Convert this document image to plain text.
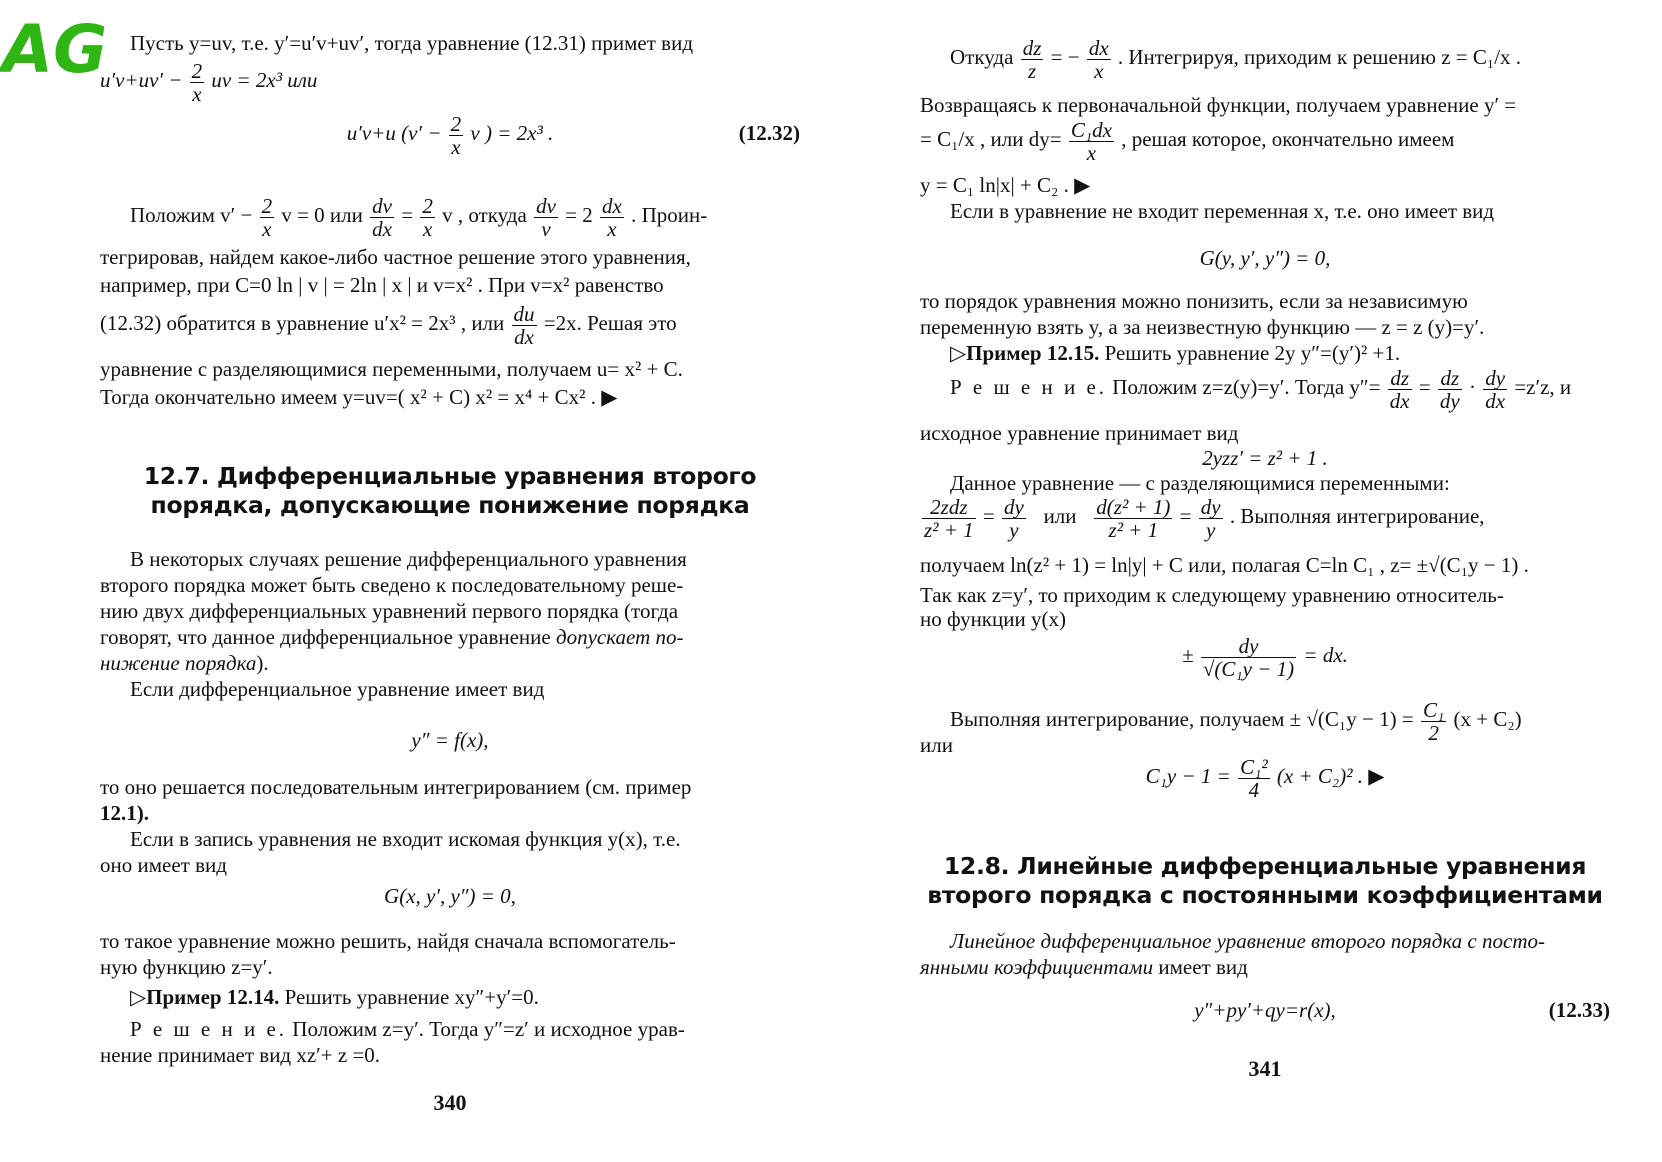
AG	Пусть y=uv, т.е. y′=u′v+uv′, тогда уравнение (12.31) примет вид
$u'v+uv' - \frac{2}{x}$ uv = 2x³ или
u′v+u ($v' - \frac{2}{x}$ v ) = 2x³ .	(12.32)
Положим $v' - \frac{2}{x}$ v = 0 или $\frac{dv}{dx} = \frac{2}{x}$ v , откуда $\frac{dv}{v} = 2 \frac{dx}{x}$ . Проин-
тегрировав, найдем какое-либо частное решение этого уравнения,
например, при C=0 ln | v | = 2ln | x | и v=x² . При v=x² равенство
(12.32) обратится в уравнение u′x² = 2x³ , или $\frac{du}{dx} =2x$. Решая это
уравнение с разделяющимися переменными, получаем u= x² + C.
Тогда окончательно имеем y=uv=( x² + C) x² = x⁴ + Cx² . ▶
12.7. Дифференциальные уравнения второго
порядка, допускающие понижение порядка
В некоторых случаях решение дифференциального уравнения
второго порядка может быть сведено к последовательному реше-
нию двух дифференциальных уравнений первого порядка (тогда
говорят, что данное дифференциальное уравнение допускает по-
нижение порядка).
Если дифференциальное уравнение имеет вид
y″ = f(x),
то оно решается последовательным интегрированием (см. пример
12.1).
Если в запись уравнения не входит искомая функция y(x), т.е.
оно имеет вид
G(x, y′, y″) = 0,
то такое уравнение можно решить, найдя сначала вспомогатель-
ную функцию z=y′.
▷Пример 12.14. Решить уравнение xy″+y′=0.
Р е ш е н и е. Положим z=y′. Тогда y″=z′ и исходное урав-
нение принимает вид xz′+ z =0.
340
Откуда $\frac{dz}{z}$ = − $\frac{dx}{x}$ . Интегрируя, приходим к решению z = C₁/x .
Возвращаясь к первоначальной функции, получаем уравнение y′ =
= C₁/x , или $dy= \frac{\text{C₁dx}}{x}$ , решая которое, окончательно имеем
y = C₁ ln|x| + C₂ . ▶
Если в уравнение не входит переменная x, т.е. оно имеет вид
G(y, y′, y″) = 0,
то порядок уравнения можно понизить, если за независимую
переменную взять y, а за неизвестную функцию — z = z (y)=y′.
▷Пример 12.15. Решить уравнение 2y y″=(y′)² +1.
Р е ш е н и е. Положим z=z(y)=y′. Тогда $y''= \frac{dz}{dx} = \frac{dz}{dy} \cdot \frac{dy}{dx} =z'z$, и
исходное уравнение принимает вид
2yzz′ = z² + 1 .
Данное уравнение — с разделяющимися переменными:
$\frac{\text{2zdz}}{\text{z² + 1}} = \frac{dy}{y}$ или $\frac{\text{d(z² + 1)}}{\text{z² + 1}} = \frac{dy}{y}$ . Выполняя интегрирование,
получаем ln(z² + 1) = ln|y| + C или, полагая C=ln C₁ , z= ±√(C₁y − 1) .
Так как z=y′, то приходим к следующему уравнению относитель-
но функции y(x)
± $\frac{dy}{\text{√(C₁y − 1)}}$ = dx.
Выполняя интегрирование, получаем ± $√(C_1y - 1) = \frac{\text{C₁}}{2} (x + C_2)$
или
$C_1y - 1 = \frac{\text{C₁²}}{4} (x + C_2)^2$ . ▶
12.8. Линейные дифференциальные уравнения
второго порядка с постоянными коэффициентами
Линейное дифференциальное уравнение второго порядка с посто-
янными коэффициентами имеет вид
y″+py′+qy=r(x),	(12.33)
341
